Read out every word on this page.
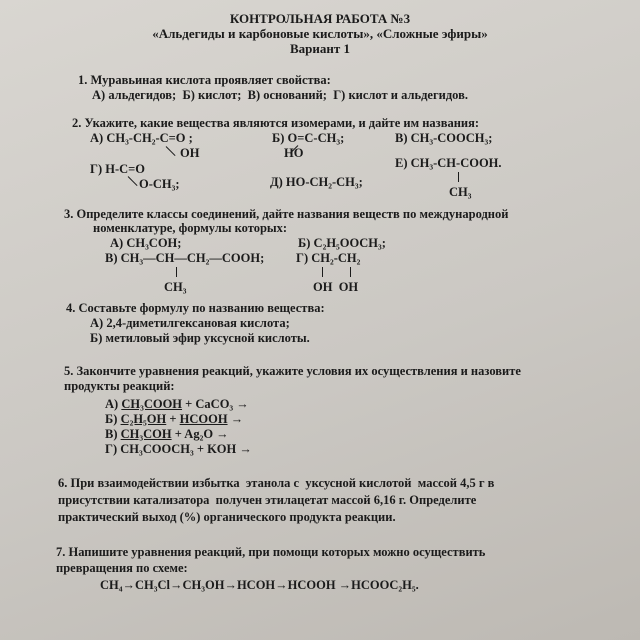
КОНТРОЛЬНАЯ РАБОТА №3
«Альдегиды и карбоновые кислоты», «Сложные эфиры»
Вариант 1
1. Муравьиная кислота проявляет свойства:
А) альдегидов;  Б) кислот;  В) оснований;  Г) кислот и альдегидов.
2. Укажите, какие вещества являются изомерами, и дайте им названия:
А) CH₃-CH₂-C=O ;
OH
Б) O=C-CH₃;
HO
В) CH₃-COOCH₃;
Г) H-C=O
O-CH₃;	Д) HO-CH₂-CH₃;
Е) CH₃-CH-COOH.
CH₃
3. Определите классы соединений, дайте названия веществ по международной
номенклатуре, формулы которых:
А) CH₃COH;	Б) C₂H₅OOCH₃;
В) CH₃—CH—CH₂—COOH;
CH₃
Г) CH₂-CH₂
OH  OH
4. Составьте формулу по названию вещества:
А) 2,4-диметилгексановая кислота;
Б) метиловый эфир уксусной кислоты.
5. Закончите уравнения реакций, укажите условия их осуществления и назовите
продукты реакций:
А) CH₃COOH + CaCO₃ →
Б) C₂H₅OH + HCOOH →
В) CH₃COH + Ag₂O →
Г) CH₃COOCH₃ + KOH →
6. При взаимодействии избытка  этанола с  уксусной кислотой  массой 4,5 г в
присутствии катализатора  получен этилацетат массой 6,16 г. Определите
практический выход (%) органического продукта реакции.
7. Напишите уравнения реакций, при помощи которых можно осуществить
превращения по схеме:
CH₄→CH₃Cl→CH₃OH→HCOH→HCOOH →HCOOC₂H₅.
